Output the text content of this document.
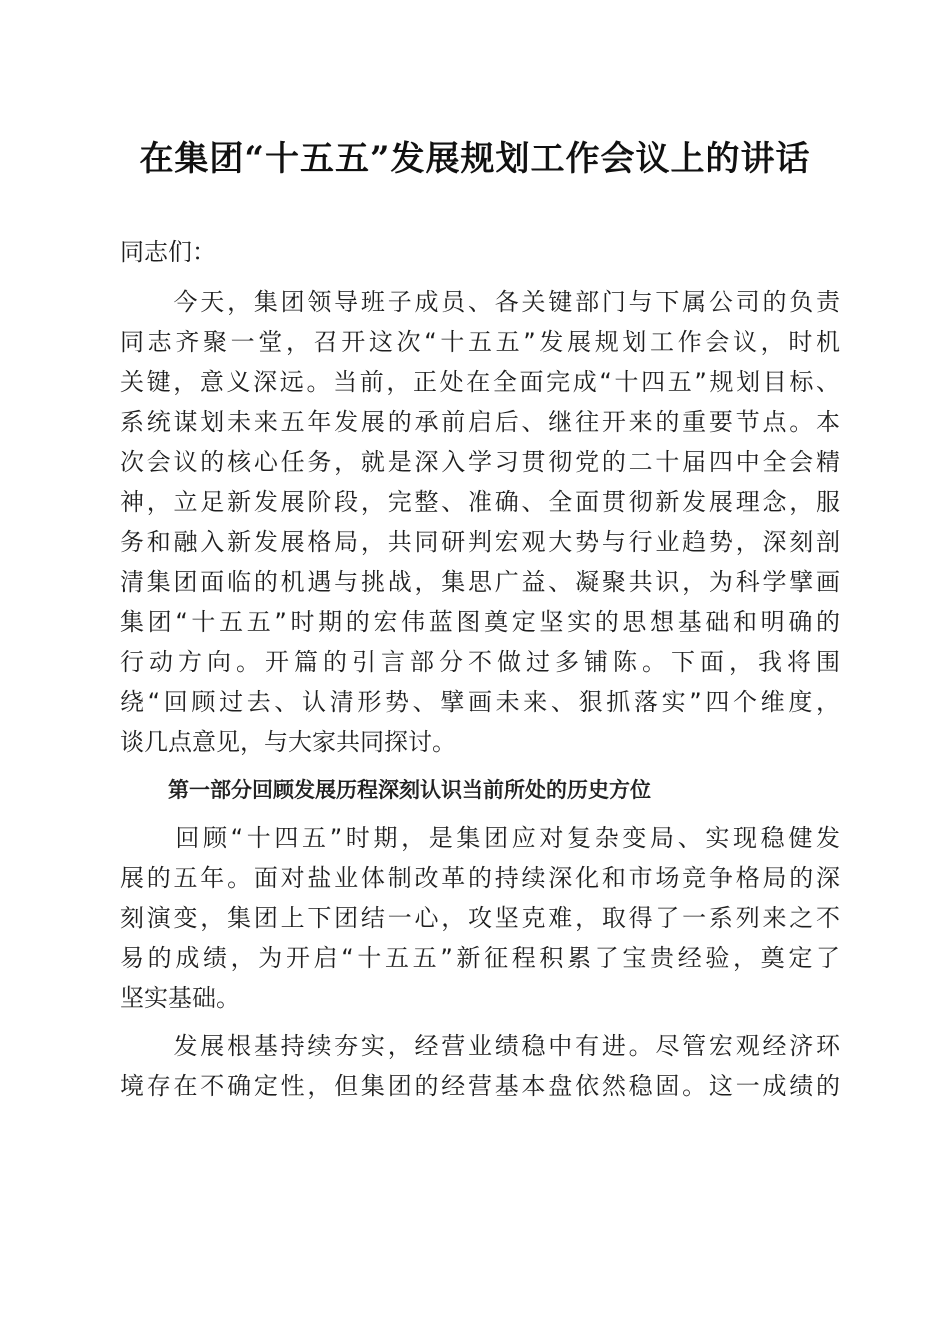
在集团“十五五”发展规划工作会议上的讲话
同志们：
　　今天，集团领导班子成员、各关键部门与下属公司的负责
同志齐聚一堂，召开这次“十五五”发展规划工作会议，时机
关键，意义深远。当前，正处在全面完成“十四五”规划目标、
系统谋划未来五年发展的承前启后、继往开来的重要节点。本
次会议的核心任务，就是深入学习贯彻党的二十届四中全会精
神，立足新发展阶段，完整、准确、全面贯彻新发展理念，服
务和融入新发展格局，共同研判宏观大势与行业趋势，深刻剖
清集团面临的机遇与挑战，集思广益、凝聚共识，为科学擘画
集团“十五五”时期的宏伟蓝图奠定坚实的思想基础和明确的
行动方向。开篇的引言部分不做过多铺陈。下面，我将围
绕“回顾过去、认清形势、擘画未来、狠抓落实”四个维度，
谈几点意见，与大家共同探讨。
第一部分回顾发展历程深刻认识当前所处的历史方位
　　回顾“十四五”时期，是集团应对复杂变局、实现稳健发
展的五年。面对盐业体制改革的持续深化和市场竞争格局的深
刻演变，集团上下团结一心，攻坚克难，取得了一系列来之不
易的成绩，为开启“十五五”新征程积累了宝贵经验，奠定了
坚实基础。
　　发展根基持续夯实，经营业绩稳中有进。尽管宏观经济环
境存在不确定性，但集团的经营基本盘依然稳固。这一成绩的
